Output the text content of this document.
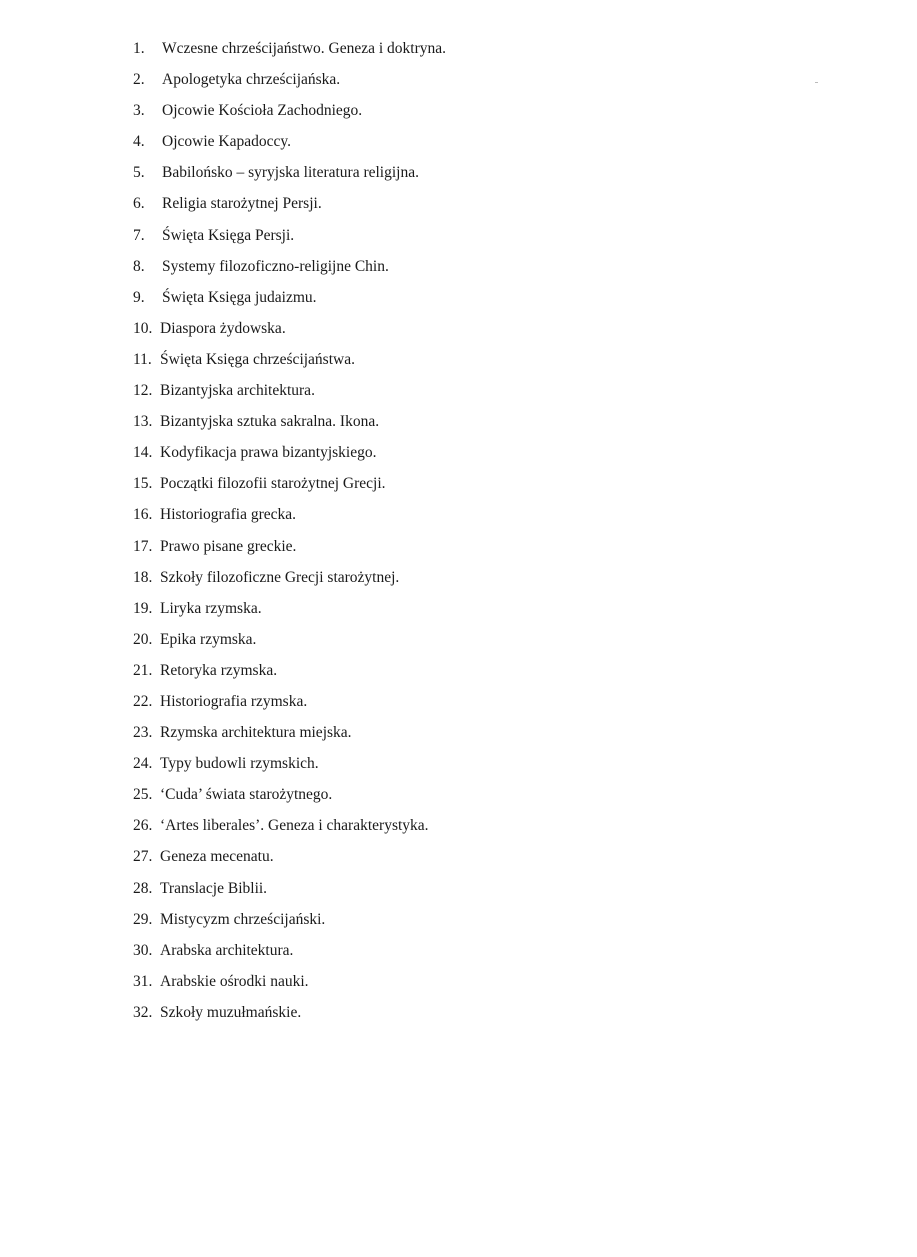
1.	Wczesne chrześcijaństwo. Geneza i doktryna.
2.	Apologetyka chrześcijańska.
3.	Ojcowie Kościoła Zachodniego.
4.	Ojcowie Kapadoccy.
5.	Babilońsko – syryjska literatura religijna.
6.	Religia starożytnej Persji.
7.	Święta Księga Persji.
8.	Systemy filozoficzno-religijne Chin.
9.	Święta Księga judaizmu.
10. Diaspora żydowska.
11. Święta Księga chrześcijaństwa.
12. Bizantyjska architektura.
13. Bizantyjska sztuka sakralna. Ikona.
14. Kodyfikacja prawa bizantyjskiego.
15. Początki filozofii starożytnej Grecji.
16. Historiografia grecka.
17. Prawo pisane greckie.
18. Szkoły filozoficzne Grecji starożytnej.
19. Liryka rzymska.
20. Epika rzymska.
21. Retoryka rzymska.
22. Historiografia rzymska.
23. Rzymska architektura miejska.
24. Typy budowli rzymskich.
25. ‘Cuda’ świata starożytnego.
26. ‘Artes liberales’. Geneza i charakterystyka.
27. Geneza mecenatu.
28. Translacje Biblii.
29. Mistycyzm chrześcijański.
30. Arabska architektura.
31. Arabskie ośrodki nauki.
32. Szkoły muzułmańskie.
